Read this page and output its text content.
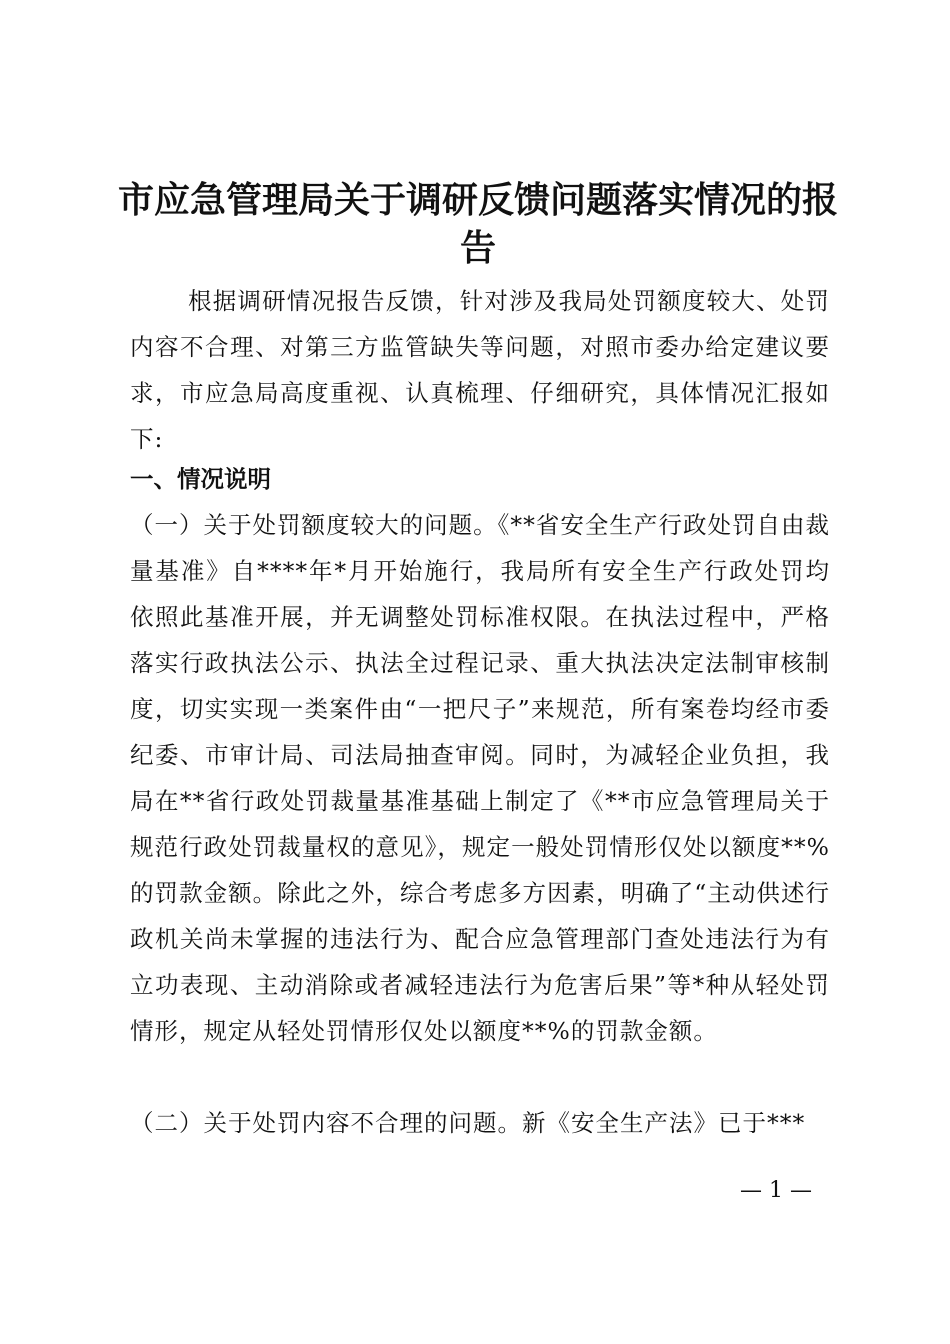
市应急管理局关于调研反馈问题落实情况的报告
根据调研情况报告反馈，针对涉及我局处罚额度较大、处罚内容不合理、对第三方监管缺失等问题，对照市委办给定建议要求，市应急局高度重视、认真梳理、仔细研究，具体情况汇报如下:
一、情况说明
（一）关于处罚额度较大的问题。《**省安全生产行政处罚自由裁量基准》自****年*月开始施行，我局所有安全生产行政处罚均依照此基准开展，并无调整处罚标准权限。在执法过程中，严格落实行政执法公示、执法全过程记录、重大执法决定法制审核制度，切实实现一类案件由“一把尺子”来规范，所有案卷均经市委纪委、市审计局、司法局抽查审阅。同时，为减轻企业负担，我局在**省行政处罚裁量基准基础上制定了《**市应急管理局关于规范行政处罚裁量权的意见》，规定一般处罚情形仅处以额度**%的罚款金额。除此之外，综合考虑多方因素，明确了“主动供述行政机关尚未掌握的违法行为、配合应急管理部门查处违法行为有立功表现、主动消除或者减轻违法行为危害后果”等*种从轻处罚情形，规定从轻处罚情形仅处以额度**%的罚款金额。
（二）关于处罚内容不合理的问题。新《安全生产法》已于***
— 1 —
